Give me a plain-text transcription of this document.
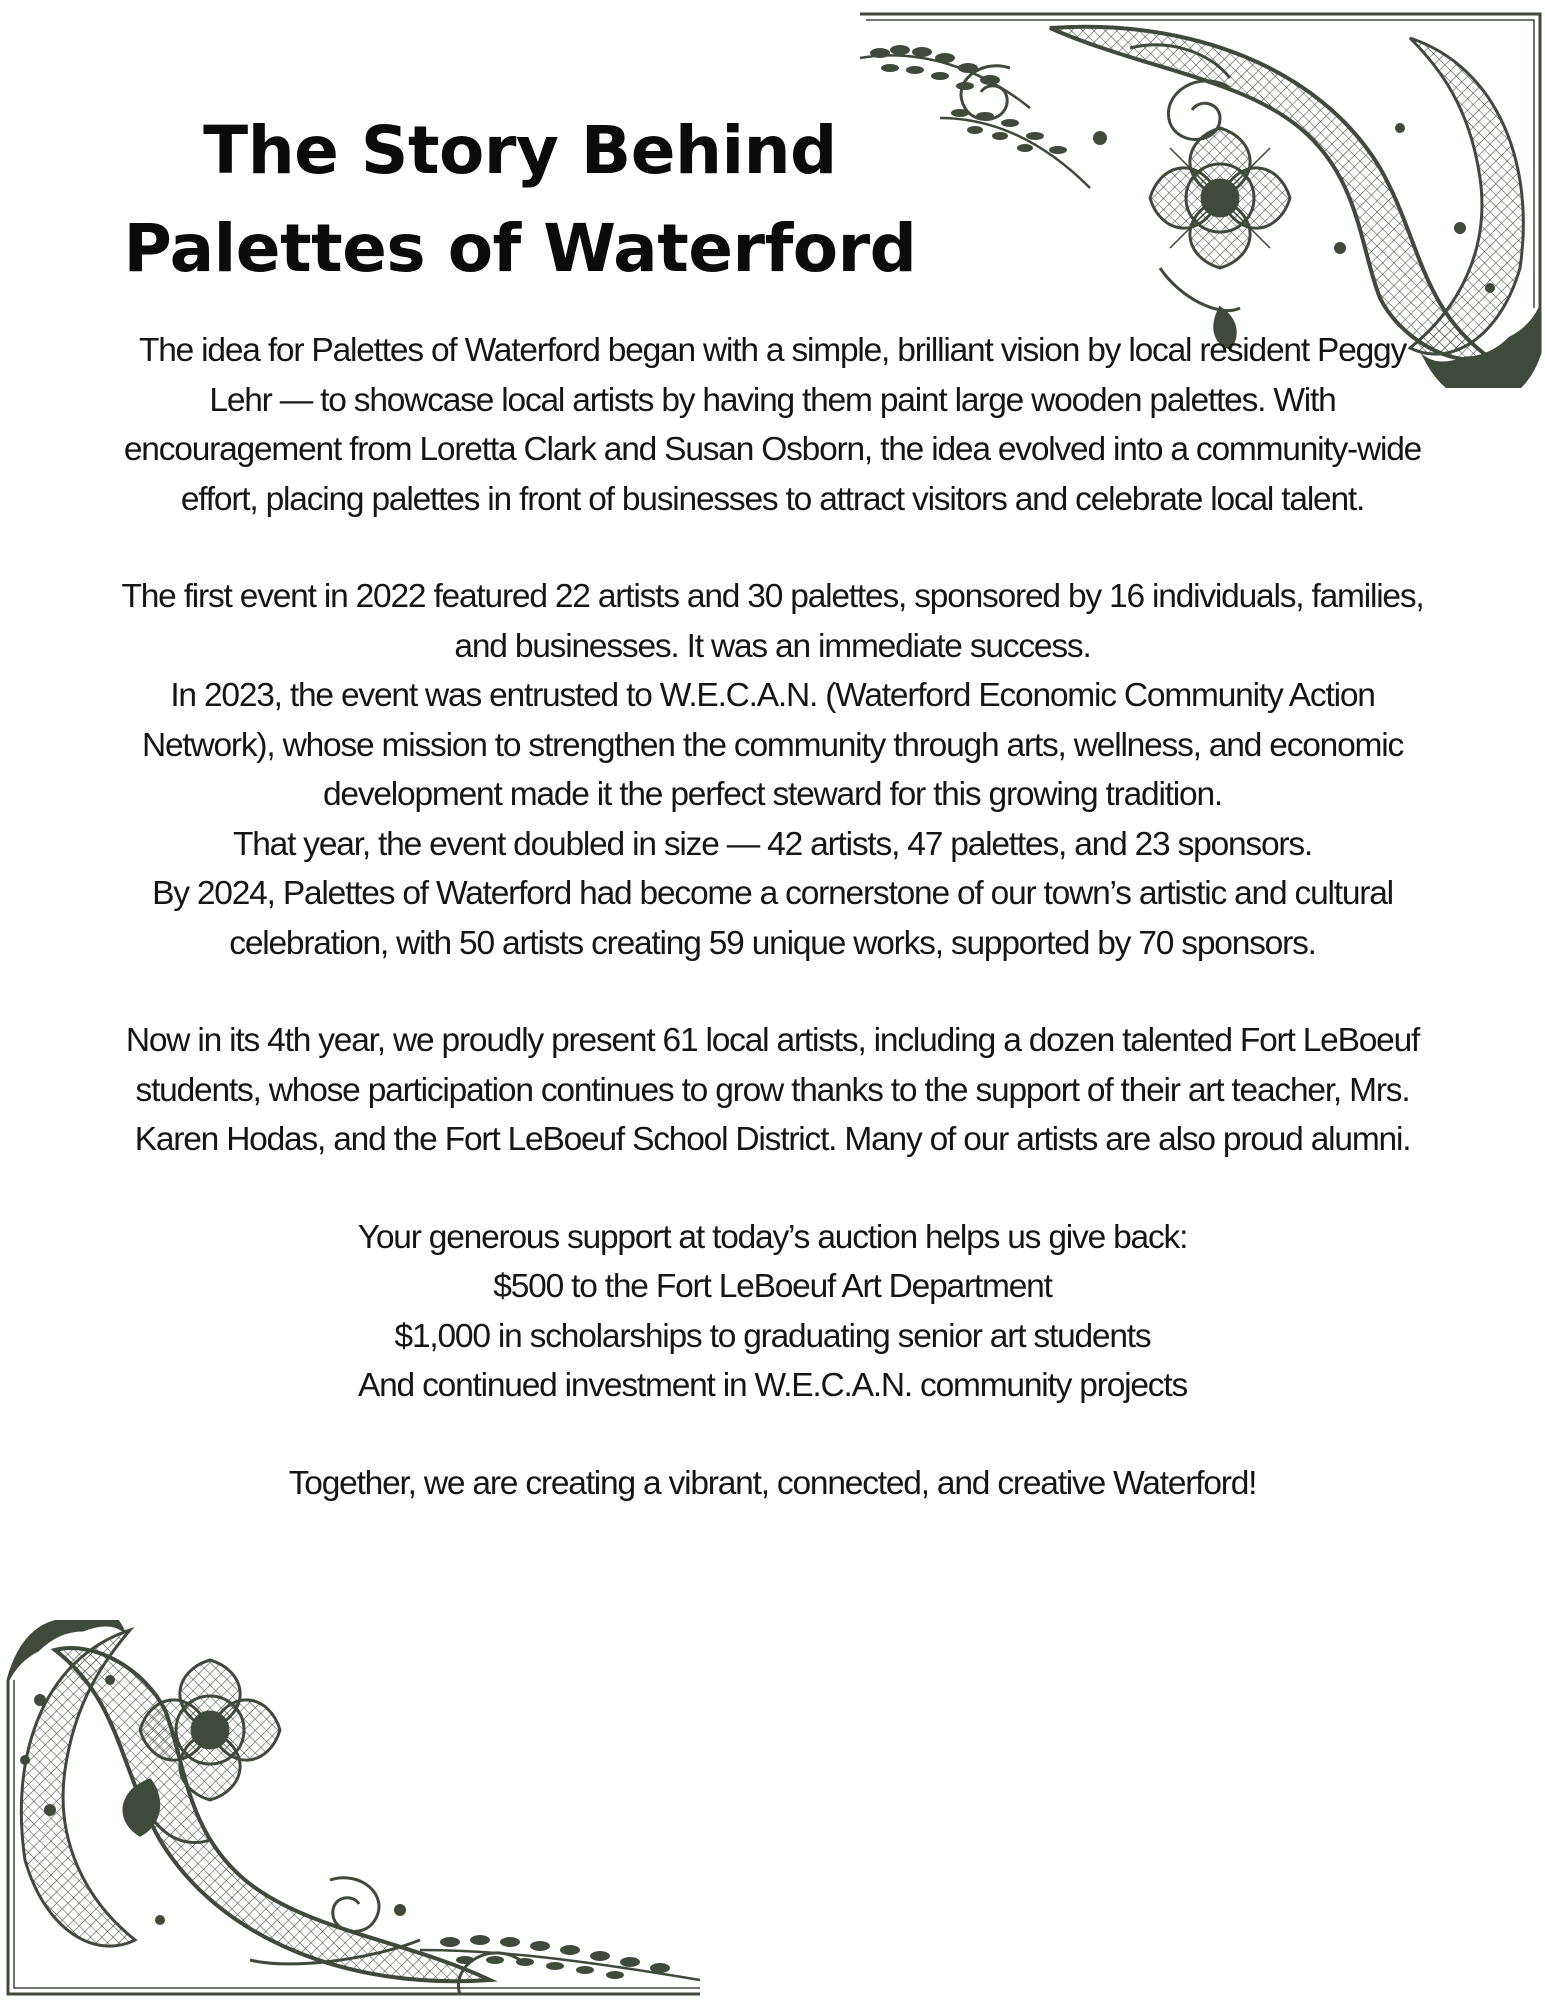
The Story Behind
Palettes of Waterford

The idea for Palettes of Waterford began with a simple, brilliant vision by local resident Peggy Lehr — to showcase local artists by having them paint large wooden palettes. With encouragement from Loretta Clark and Susan Osborn, the idea evolved into a community-wide effort, placing palettes in front of businesses to attract visitors and celebrate local talent.

The first event in 2022 featured 22 artists and 30 palettes, sponsored by 16 individuals, families, and businesses. It was an immediate success.

In 2023, the event was entrusted to W.E.C.A.N. (Waterford Economic Community Action Network), whose mission to strengthen the community through arts, wellness, and economic development made it the perfect steward for this growing tradition.

That year, the event doubled in size — 42 artists, 47 palettes, and 23 sponsors.

By 2024, Palettes of Waterford had become a cornerstone of our town’s artistic and cultural celebration, with 50 artists creating 59 unique works, supported by 70 sponsors.

Now in its 4th year, we proudly present 61 local artists, including a dozen talented Fort LeBoeuf students, whose participation continues to grow thanks to the support of their art teacher, Mrs. Karen Hodas, and the Fort LeBoeuf School District. Many of our artists are also proud alumni.

Your generous support at today’s auction helps us give back:

$500 to the Fort LeBoeuf Art Department

$1,000 in scholarships to graduating senior art students

And continued investment in W.E.C.A.N. community projects

Together, we are creating a vibrant, connected, and creative Waterford!
